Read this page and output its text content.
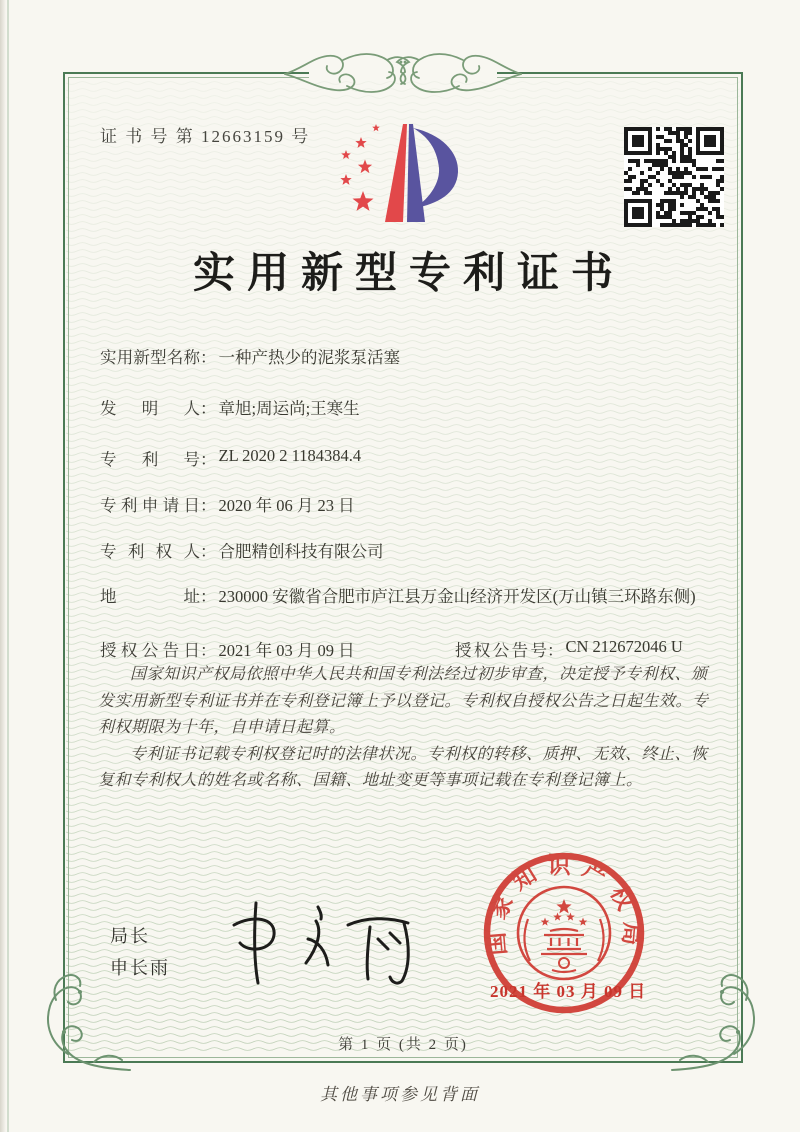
证 书 号 第 12663159 号
实用新型专利证书
实用新型名称： 一种产热少的泥浆泵活塞
发明人： 章旭;周运尚;王寒生
专利号： ZL 2020 2 1184384.4
专利申请日： 2020 年 06 月 23 日
专利权人： 合肥精创科技有限公司
地址： 230000 安徽省合肥市庐江县万金山经济开发区(万山镇三环路东侧)
授权公告日： 2021 年 03 月 09 日	授权公告号： CN 212672046 U

国家知识产权局依照中华人民共和国专利法经过初步审查，决定授予专利权、颁发实用新型专利证书并在专利登记簿上予以登记。专利权自授权公告之日起生效。专利权期限为十年，自申请日起算。

专利证书记载专利权登记时的法律状况。专利权的转移、质押、无效、终止、恢复和专利权人的姓名或名称、国籍、地址变更等事项记载在专利登记簿上。

局长
申长雨
国家知识产权局
2021 年 03 月 09 日
第 1 页 (共 2 页)
其他事项参见背面
